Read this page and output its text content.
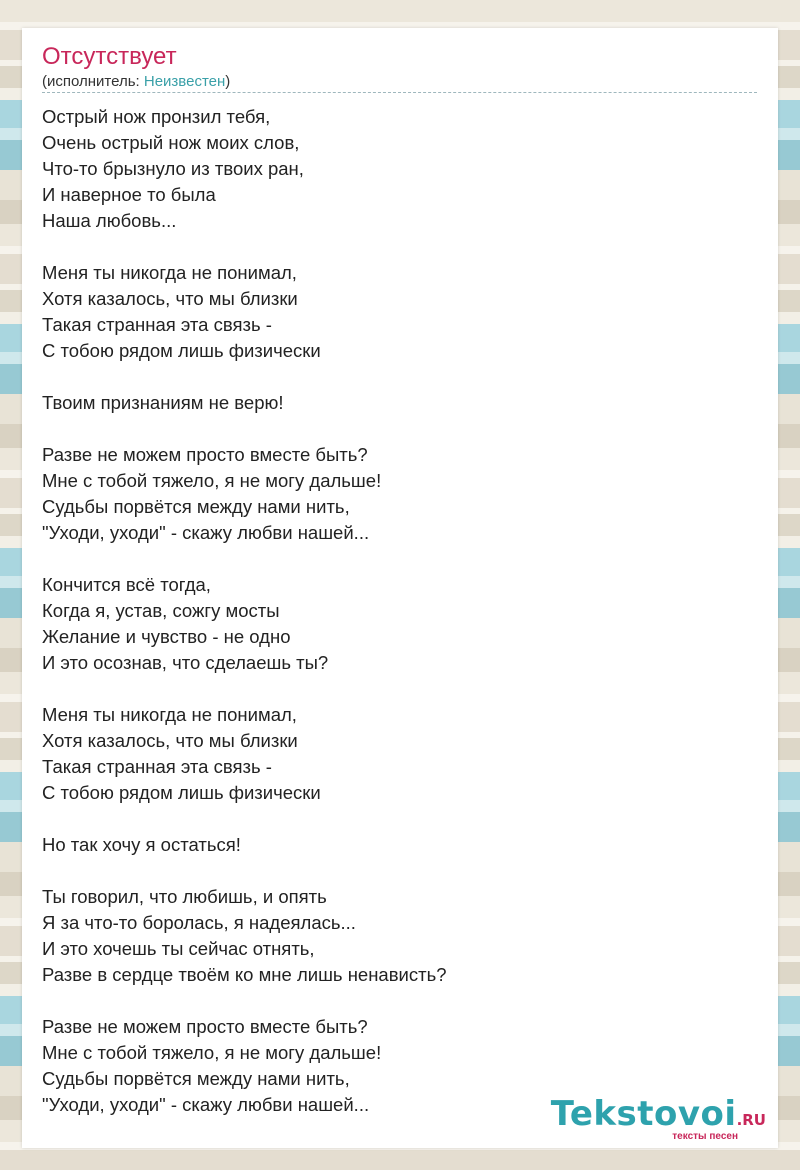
Отсутствует
(исполнитель: Неизвестен)
Острый нож пронзил тебя,
Очень острый нож моих слов,
Что-то брызнуло из твоих ран,
И наверное то была
Наша любовь...
Меня ты никогда не понимал,
Хотя казалось, что мы близки
Такая странная эта связь -
С тобою рядом лишь физически
Твоим признаниям не верю!
Разве не можем просто вместе быть?
Мне с тобой тяжело, я не могу дальше!
Судьбы порвётся между нами нить,
"Уходи, уходи" - скажу любви нашей...
Кончится всё тогда,
Когда я, устав, сожгу мосты
Желание и чувство - не одно
И это осознав, что сделаешь ты?
Меня ты никогда не понимал,
Хотя казалось, что мы близки
Такая странная эта связь -
С тобою рядом лишь физически
Но так хочу я остаться!
Ты говорил, что любишь, и опять
Я за что-то боролась, я надеялась...
И это хочешь ты сейчас отнять,
Разве в сердце твоём ко мне лишь ненависть?
Разве не можем просто вместе быть?
Мне с тобой тяжело, я не могу дальше!
Судьбы порвётся между нами нить,
"Уходи, уходи" - скажу любви нашей...	Tekstovoi.RU
тексты песен
